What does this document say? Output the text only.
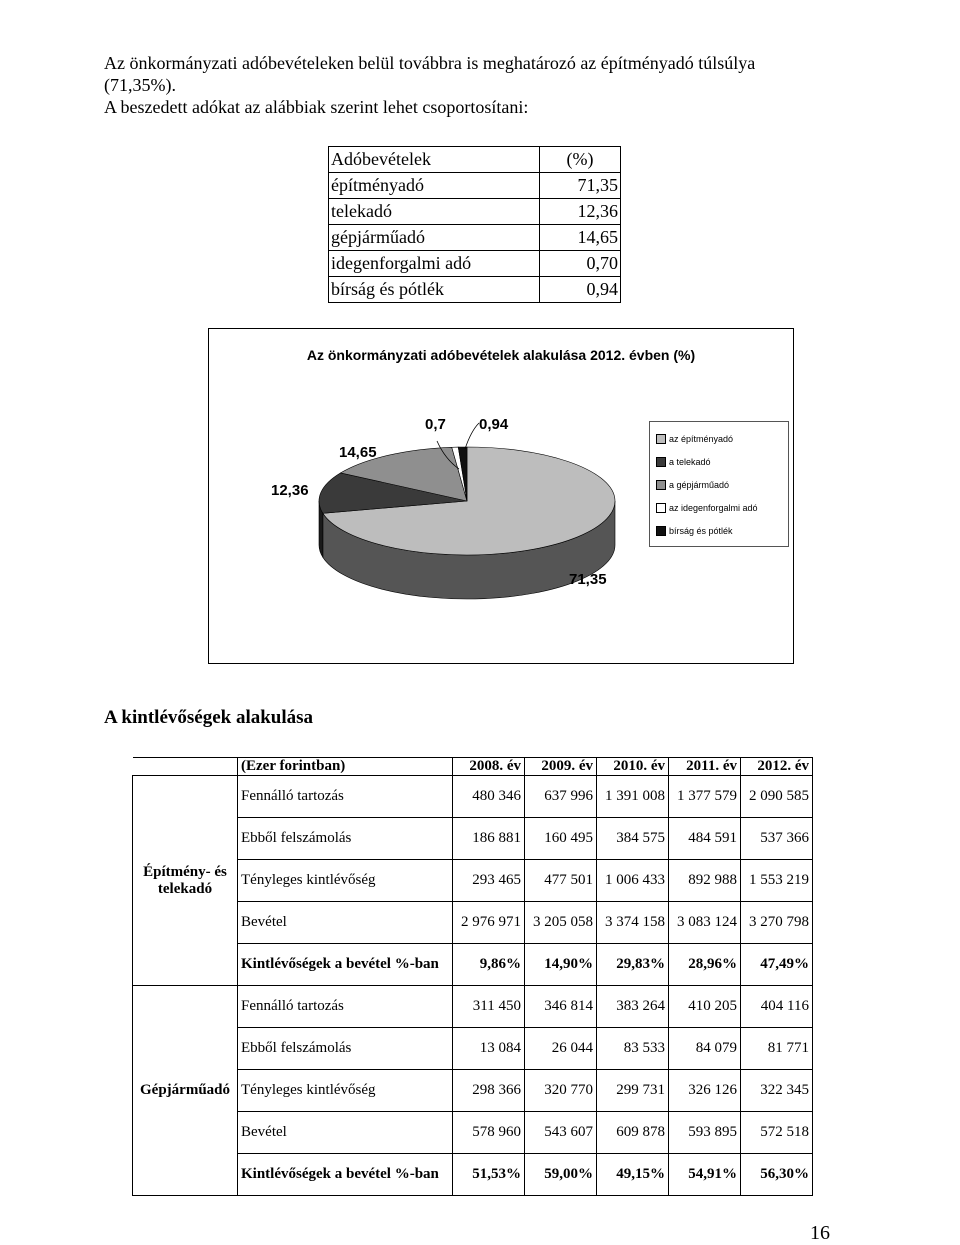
Az önkormányzati adóbevételeken belül továbbra is meghatározó az építményadó túlsúlya

(71,35%).

A beszedett adókat az alábbiak szerint lehet csoportosítani:

Adóbevételek	(%)
építményadó	71,35
telekadó	12,36
gépjárműadó	14,65
idegenforgalmi adó	0,70
bírság és pótlék	0,94
Az önkormányzati adóbevételek alakulása 2012. évben (%)
71,35
12,36
14,65
0,7 0,94
az építményadó
a telekadó
a gépjárműadó
az idegenforgalmi adó
bírság és pótlék
A kintlévőségek alakulása
	(Ezer forintban)	2008. év	2009. év	2010. év	2011. év	2012. év
Építmény- és telekadó	Fennálló tartozás	480 346	637 996	1 391 008	1 377 579	2 090 585
	Ebből felszámolás	186 881	160 495	384 575	484 591	537 366
	Tényleges kintlévőség	293 465	477 501	1 006 433	892 988	1 553 219
	Bevétel	2 976 971	3 205 058	3 374 158	3 083 124	3 270 798
	Kintlévőségek a bevétel %-ban	9,86%	14,90%	29,83%	28,96%	47,49%
Gépjárműadó	Fennálló tartozás	311 450	346 814	383 264	410 205	404 116
	Ebből felszámolás	13 084	26 044	83 533	84 079	81 771
	Tényleges kintlévőség	298 366	320 770	299 731	326 126	322 345
	Bevétel	578 960	543 607	609 878	593 895	572 518
	Kintlévőségek a bevétel %-ban	51,53%	59,00%	49,15%	54,91%	56,30%
16
